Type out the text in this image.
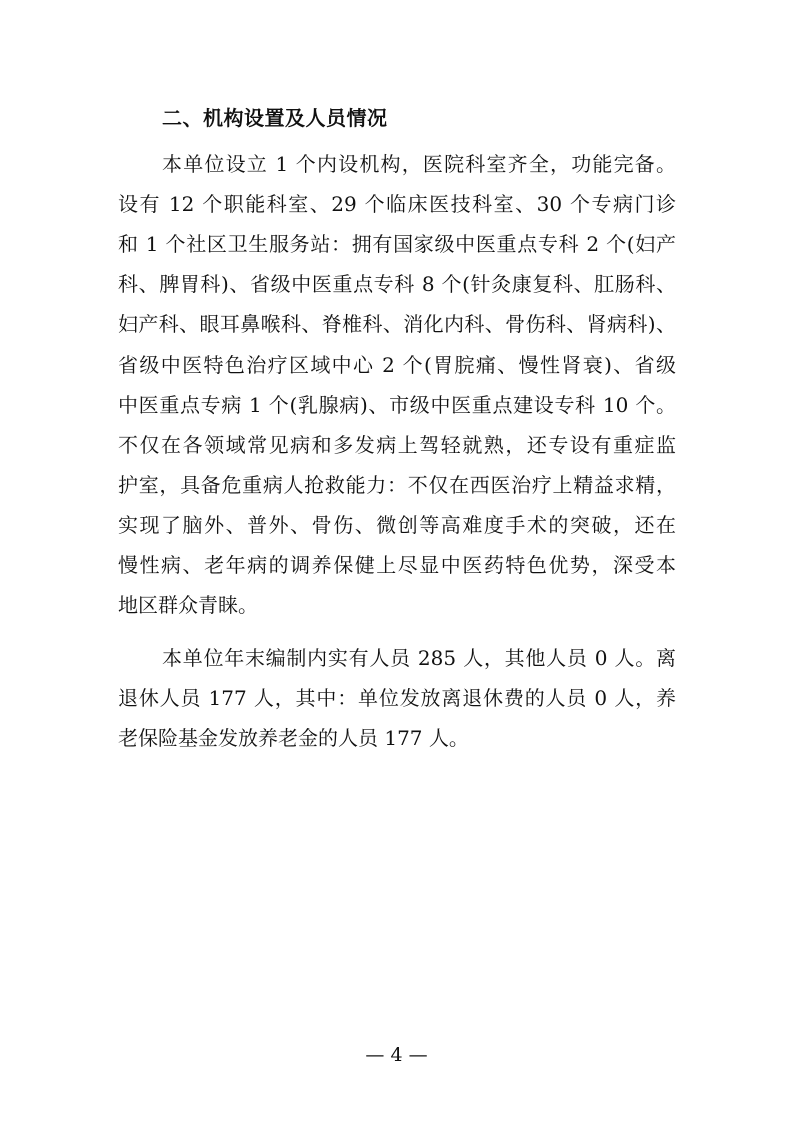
二、机构设置及人员情况
本单位设立 1 个内设机构，医院科室齐全，功能完备。
设有 12 个职能科室、29 个临床医技科室、30 个专病门诊
和 1 个社区卫生服务站：拥有国家级中医重点专科 2 个(妇产
科、脾胃科)、省级中医重点专科 8 个(针灸康复科、肛肠科、
妇产科、眼耳鼻喉科、脊椎科、消化内科、骨伤科、肾病科)、
省级中医特色治疗区域中心 2 个(胃脘痛、慢性肾衰)、省级
中医重点专病 1 个(乳腺病)、市级中医重点建设专科 10 个。
不仅在各领域常见病和多发病上驾轻就熟，还专设有重症监
护室，具备危重病人抢救能力：不仅在西医治疗上精益求精，
实现了脑外、普外、骨伤、微创等高难度手术的突破，还在
慢性病、老年病的调养保健上尽显中医药特色优势，深受本
地区群众青睐。
本单位年末编制内实有人员 285 人，其他人员 0 人。离
退休人员 177 人，其中：单位发放离退休费的人员 0 人，养
老保险基金发放养老金的人员 177 人。
— 4 —
